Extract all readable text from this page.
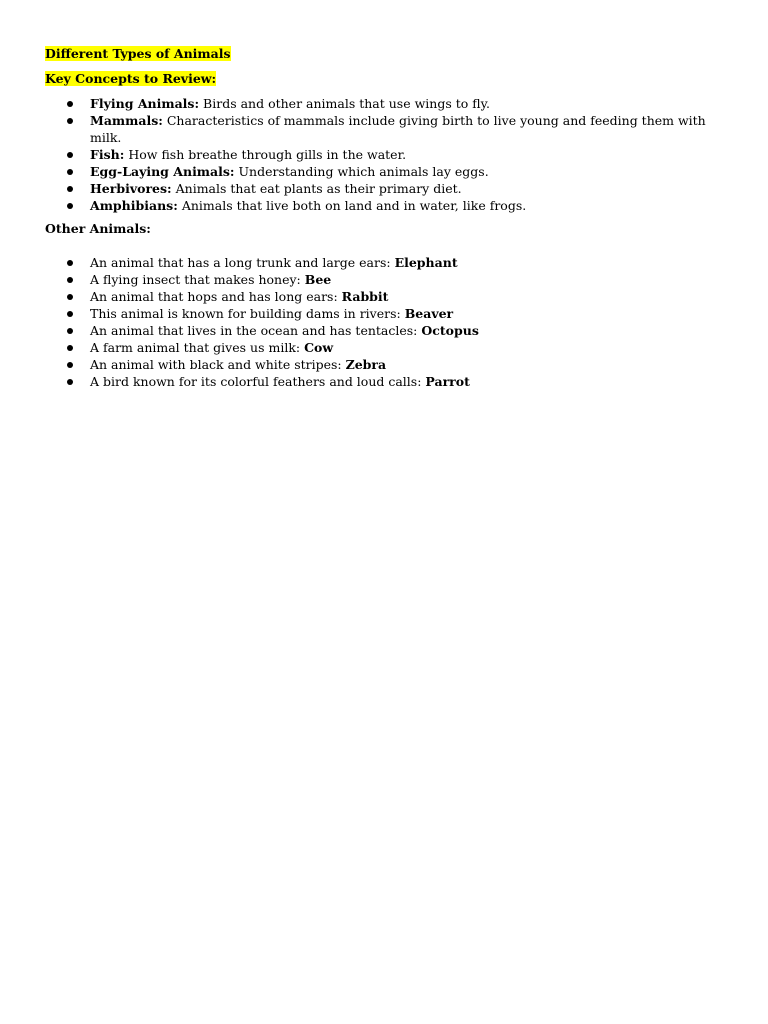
Different Types of Animals

Key Concepts to Review:

Flying Animals: Birds and other animals that use wings to fly.
Mammals: Characteristics of mammals include giving birth to live young and feeding them with milk.
Fish: How fish breathe through gills in the water.
Egg-Laying Animals: Understanding which animals lay eggs.
Herbivores: Animals that eat plants as their primary diet.
Amphibians: Animals that live both on land and in water, like frogs.

Other Animals:

An animal that has a long trunk and large ears: Elephant
A flying insect that makes honey: Bee
An animal that hops and has long ears: Rabbit
This animal is known for building dams in rivers: Beaver
An animal that lives in the ocean and has tentacles: Octopus
A farm animal that gives us milk: Cow
An animal with black and white stripes: Zebra
A bird known for its colorful feathers and loud calls: Parrot
